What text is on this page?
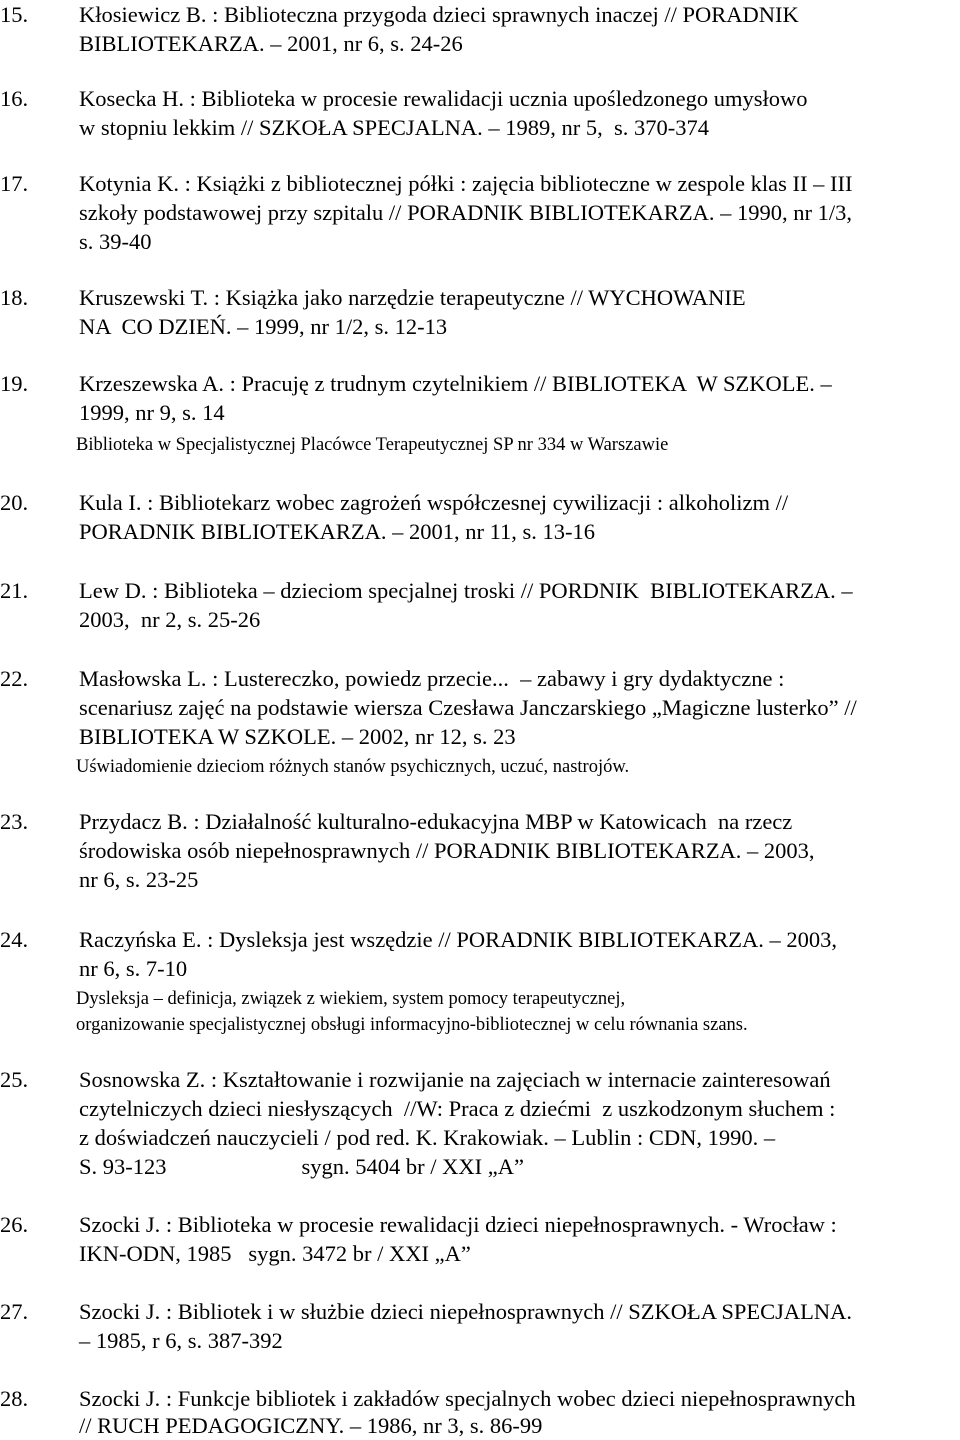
15.	Kłosiewicz B. : Biblioteczna przygoda dzieci sprawnych inaczej // PORADNIK
BIBLIOTEKARZA. – 2001, nr 6, s. 24-26
16.	Kosecka H. : Biblioteka w procesie rewalidacji ucznia upośledzonego umysłowo
w stopniu lekkim // SZKOŁA SPECJALNA. – 1989, nr 5,  s. 370-374
17.	Kotynia K. : Książki z bibliotecznej półki : zajęcia biblioteczne w zespole klas II – III
szkoły podstawowej przy szpitalu // PORADNIK BIBLIOTEKARZA. – 1990, nr 1/3,
s. 39-40
18.	Kruszewski T. : Książka jako narzędzie terapeutyczne // WYCHOWANIE
NA  CO DZIEŃ. – 1999, nr 1/2, s. 12-13
19.	Krzeszewska A. : Pracuję z trudnym czytelnikiem // BIBLIOTEKA  W SZKOLE. –
1999, nr 9, s. 14
Biblioteka w Specjalistycznej Placówce Terapeutycznej SP nr 334 w Warszawie
20.	Kula I. : Bibliotekarz wobec zagrożeń współczesnej cywilizacji : alkoholizm //
PORADNIK BIBLIOTEKARZA. – 2001, nr 11, s. 13-16
21.	Lew D. : Biblioteka – dzieciom specjalnej troski // PORDNIK  BIBLIOTEKARZA. –
2003,  nr 2, s. 25-26
22.	Masłowska L. : Lustereczko, powiedz przecie...  – zabawy i gry dydaktyczne :
scenariusz zajęć na podstawie wiersza Czesława Janczarskiego „Magiczne lusterko” //
BIBLIOTEKA W SZKOLE. – 2002, nr 12, s. 23
Uświadomienie dzieciom różnych stanów psychicznych, uczuć, nastrojów.
23.	Przydacz B. : Działalność kulturalno-edukacyjna MBP w Katowicach  na rzecz
środowiska osób niepełnosprawnych // PORADNIK BIBLIOTEKARZA. – 2003,
nr 6, s. 23-25
24.	Raczyńska E. : Dysleksja jest wszędzie // PORADNIK BIBLIOTEKARZA. – 2003,
nr 6, s. 7-10
Dysleksja – definicja, związek z wiekiem, system pomocy terapeutycznej,
organizowanie specjalistycznej obsługi informacyjno-bibliotecznej w celu równania szans.
25.	Sosnowska Z. : Kształtowanie i rozwijanie na zajęciach w internacie zainteresowań
czytelniczych dzieci niesłyszących  //W: Praca z dziećmi  z uszkodzonym słuchem :
z doświadczeń nauczycieli / pod red. K. Krakowiak. – Lublin : CDN, 1990. –
S. 93-123                        sygn. 5404 br / XXI „A”
26.	Szocki J. : Biblioteka w procesie rewalidacji dzieci niepełnosprawnych. - Wrocław :
IKN-ODN, 1985   sygn. 3472 br / XXI „A”
27.	Szocki J. : Bibliotek i w służbie dzieci niepełnosprawnych // SZKOŁA SPECJALNA.
– 1985, r 6, s. 387-392
28.	Szocki J. : Funkcje bibliotek i zakładów specjalnych wobec dzieci niepełnosprawnych
// RUCH PEDAGOGICZNY. – 1986, nr 3, s. 86-99
